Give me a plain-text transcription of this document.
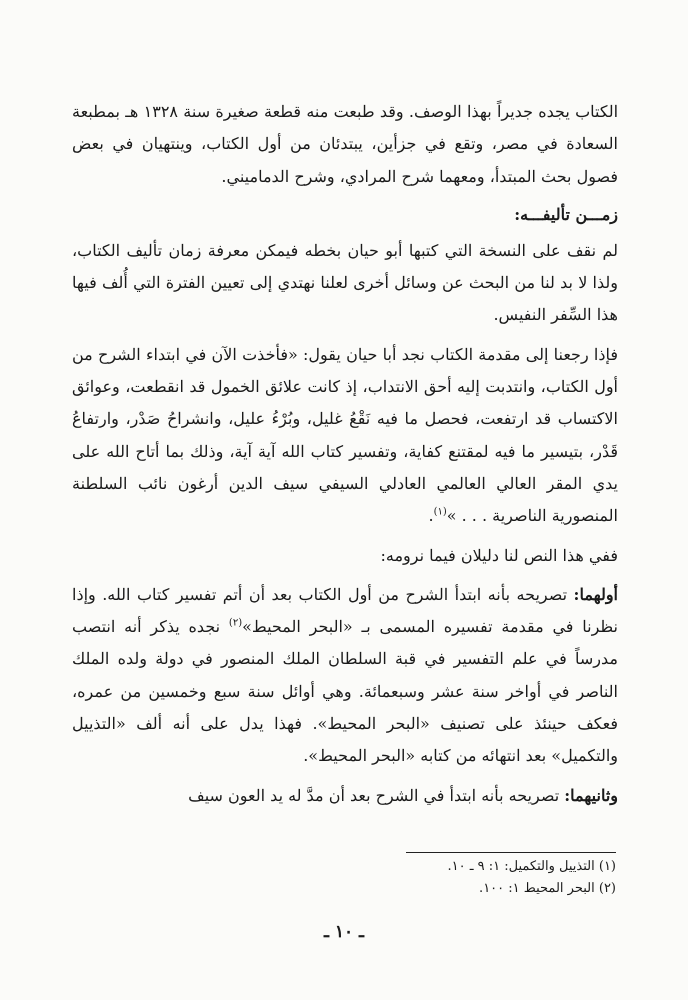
الكتاب يجده جديراً بهذا الوصف. وقد طبعت منه قطعة صغيرة سنة ١٣٢٨ هـ بمطبعة السعادة في مصر، وتقع في جزأين، يبتدئان من أول الكتاب، وينتهيان في بعض فصول بحث المبتدأ، ومعهما شرح المرادي، وشرح الدماميني.

زمـــن تأليفـــه:

لم نقف على النسخة التي كتبها أبو حيان بخطه فيمكن معرفة زمان تأليف الكتاب، ولذا لا بد لنا من البحث عن وسائل أخرى لعلنا نهتدي إلى تعيين الفترة التي أُلف فيها هذا السِّفر النفيس.

فإذا رجعنا إلى مقدمة الكتاب نجد أبا حيان يقول: «فأخذت الآن في ابتداء الشرح من أول الكتاب، وانتدبت إليه أحق الانتداب، إذ كانت علائق الخمول قد انقطعت، وعوائق الاكتساب قد ارتفعت، فحصل ما فيه نَقْعُ غليل، وبُرْءُ عليل، وانشراحُ صَدْر، وارتفاعُ قَدْر، بتيسير ما فيه لمقتنع كفاية، وتفسير كتاب الله آية آية، وذلك بما أتاح الله على يدي المقر العالي العالمي العادلي السيفي سيف الدين أرغون نائب السلطنة المنصورية الناصرية . . . »$^{(١)}$.

ففي هذا النص لنا دليلان فيما نرومه:

أولهما: تصريحه بأنه ابتدأ الشرح من أول الكتاب بعد أن أتم تفسير كتاب الله. وإذا نظرنا في مقدمة تفسيره المسمى بـ «البحر المحيط»$^{(٢)}$ نجده يذكر أنه انتصب مدرساً في علم التفسير في قبة السلطان الملك المنصور في دولة ولده الملك الناصر في أواخر سنة عشر وسبعمائة. وهي أوائل سنة سبع وخمسين من عمره، فعكف حينئذ على تصنيف «البحر المحيط». فهذا يدل على أنه ألف «التذييل والتكميل» بعد انتهائه من كتابه «البحر المحيط».

وثانيهما: تصريحه بأنه ابتدأ في الشرح بعد أن مدَّ له يد العون سيف

(١) التذييل والتكميل: ١: ٩ ـ ١٠.
(٢) البحر المحيط ١: ١٠٠.
ـ ١٠ ـ
